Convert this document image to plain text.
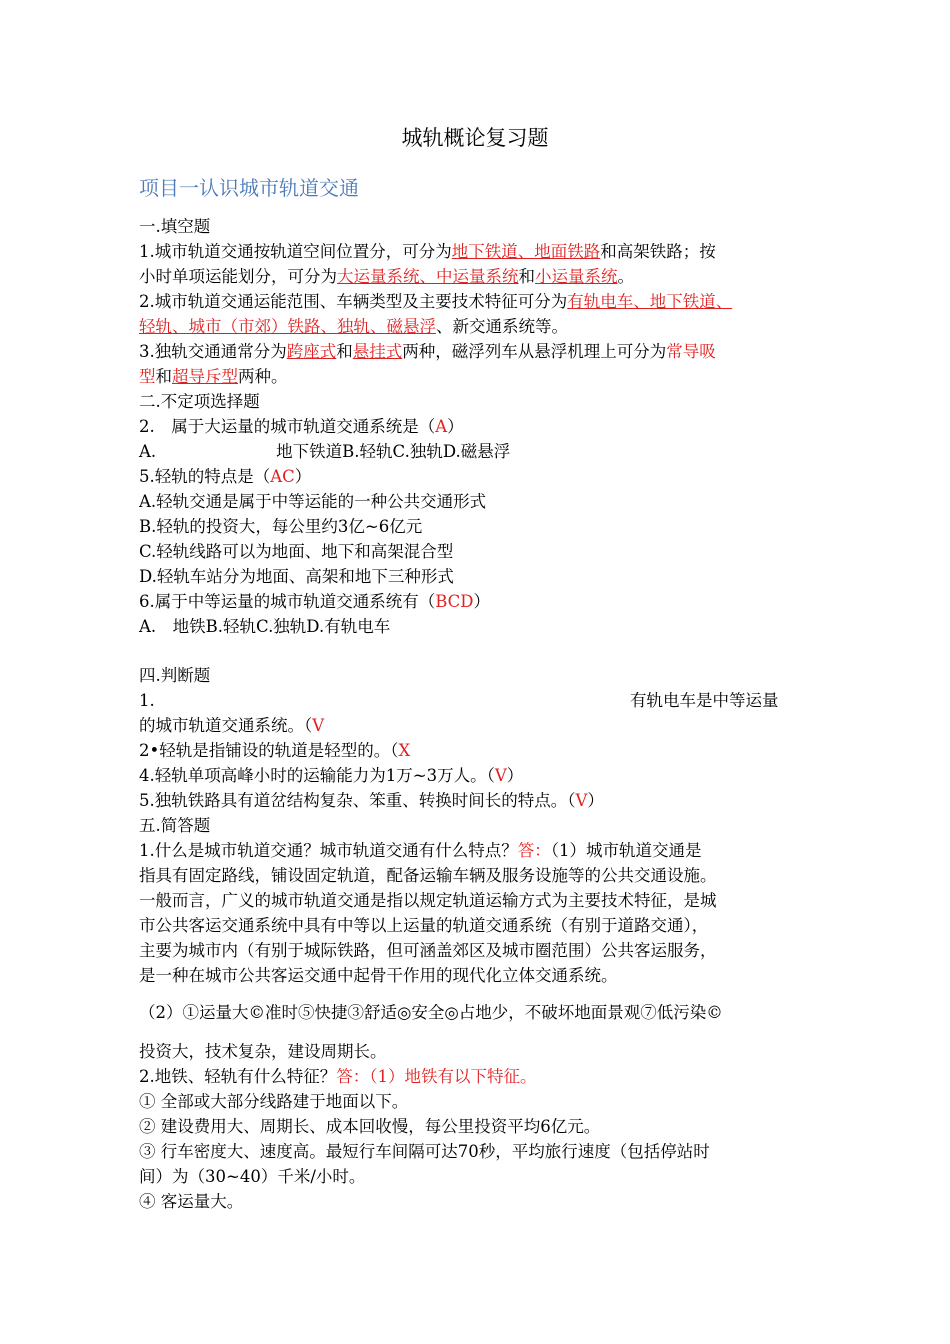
城轨概论复习题
项目一认识城市轨道交通
一.填空题
1.城市轨道交通按轨道空间位置分，可分为地下铁道、地面铁路和高架铁路；按
小时单项运能划分，可分为大运量系统、中运量系统和小运量系统。
2.城市轨道交通运能范围、车辆类型及主要技术特征可分为有轨电车、地下铁道、
轻轨、城市（市郊）铁路、独轨、磁悬浮、新交通系统等。
3.独轨交通通常分为跨座式和悬挂式两种，磁浮列车从悬浮机理上可分为常导吸
型和超导斥型两种。
二.不定项选择题
2.　属于大运量的城市轨道交通系统是（A）
A.	地下铁道B.轻轨C.独轨D.磁悬浮
5.轻轨的特点是（AC）
A.轻轨交通是属于中等运能的一种公共交通形式
B.轻轨的投资大，每公里约3亿~6亿元
C.轻轨线路可以为地面、地下和高架混合型
D.轻轨车站分为地面、高架和地下三种形式
6.属于中等运量的城市轨道交通系统有（BCD）
A.　地铁B.轻轨C.独轨D.有轨电车
四.判断题
1.	有轨电车是中等运量
的城市轨道交通系统。（V
2•轻轨是指铺设的轨道是轻型的。（X
4.轻轨单项高峰小时的运输能力为1万~3万人。（V）
5.独轨铁路具有道岔结构复杂、笨重、转换时间长的特点。（V）
五.简答题
1.什么是城市轨道交通？城市轨道交通有什么特点？答：（1）城市轨道交通是
指具有固定路线，铺设固定轨道，配备运输车辆及服务设施等的公共交通设施。
一般而言，广义的城市轨道交通是指以规定轨道运输方式为主要技术特征，是城
市公共客运交通系统中具有中等以上运量的轨道交通系统（有别于道路交通），
主要为城市内（有别于城际铁路，但可涵盖郊区及城市圈范围）公共客运服务，
是一种在城市公共客运交通中起骨干作用的现代化立体交通系统。
（2）①运量大©准时⑤快捷③舒适◎安全◎占地少，不破坏地面景观⑦低污染©
投资大，技术复杂，建设周期长。
2.地铁、轻轨有什么特征？答：（1）地铁有以下特征。
① 全部或大部分线路建于地面以下。
② 建设费用大、周期长、成本回收慢，每公里投资平均6亿元。
③ 行车密度大、速度高。最短行车间隔可达70秒，平均旅行速度（包括停站时
间）为（30~40）千米/小时。
④ 客运量大。
